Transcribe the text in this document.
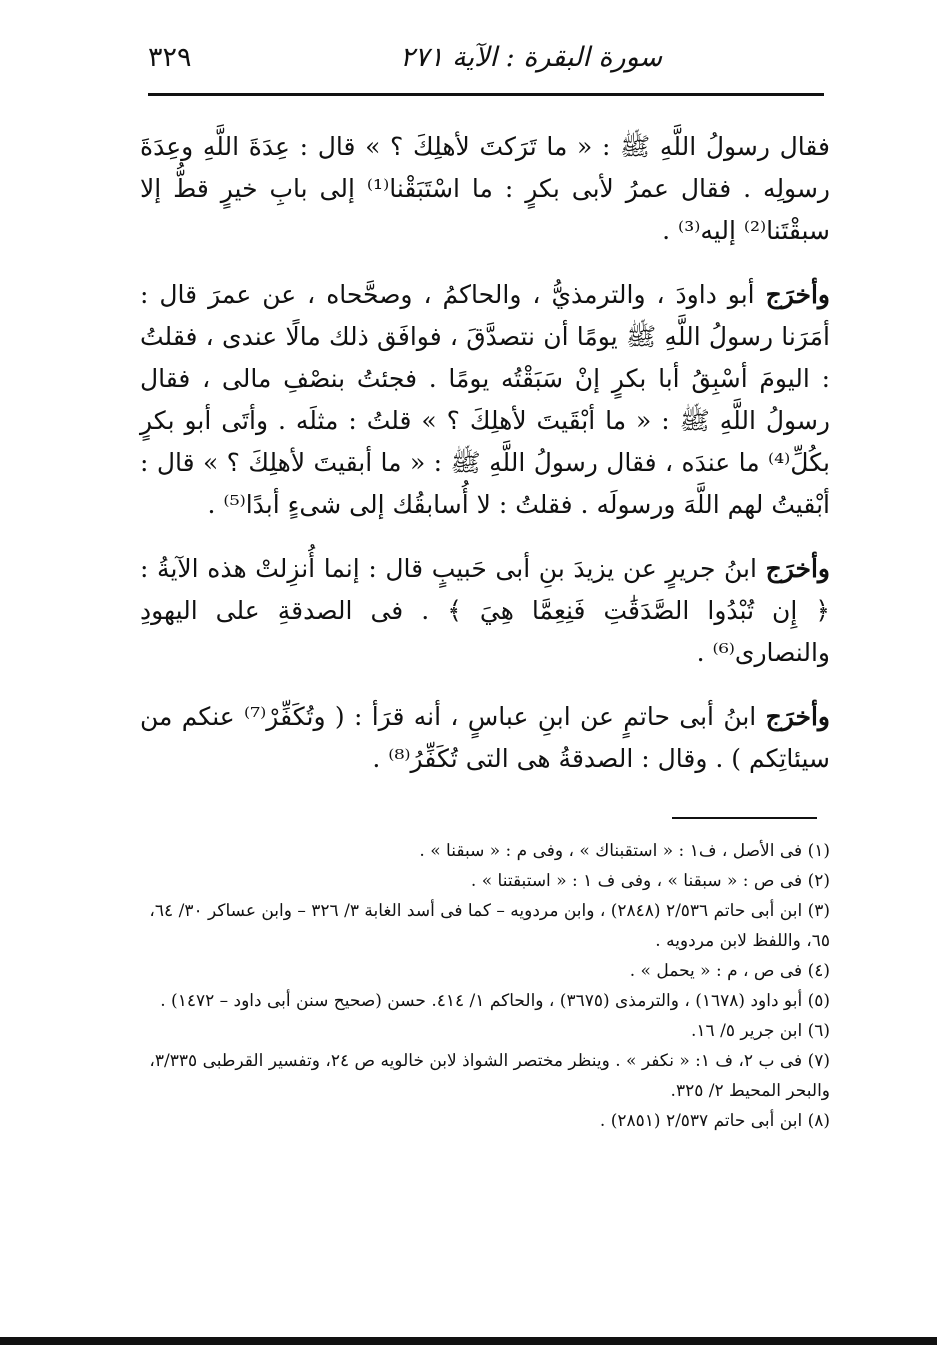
٣٢٩	سورة البقرة : الآية ٢٧١

فقال رسولُ اللَّهِ ﷺ : « ما تَرَكتَ لأهلِكَ ؟ » قال : عِدَةَ اللَّهِ وعِدَةَ رسولِه . فقال عمرُ لأبى بكرٍ : ما اسْتَبَقْنا⁽¹⁾ إلى بابِ خيرٍ قطُّ إلا سبقْتَنا⁽²⁾ إليه⁽³⁾ .

وأخرَج أبو داودَ ، والترمذيُّ ، والحاكمُ ، وصحَّحاه ، عن عمرَ قال : أمَرَنا رسولُ اللَّهِ ﷺ يومًا أن نتصدَّقَ ، فوافَق ذلك مالًا عندى ، فقلتُ : اليومَ أسْبِقُ أبا بكرٍ إنْ سَبَقْتُه يومًا . فجئتُ بنصْفِ مالى ، فقال رسولُ اللَّهِ ﷺ : « ما أبْقَيتَ لأهلِكَ ؟ » قلتُ : مثلَه . وأتَى أبو بكرٍ بكُلِّ⁽⁴⁾ ما عندَه ، فقال رسولُ اللَّهِ ﷺ : « ما أبقيتَ لأهلِكَ ؟ » قال : أبْقيتُ لهم اللَّهَ ورسولَه . فقلتُ : لا أُسابقُك إلى شىءٍ أبدًا⁽⁵⁾ .

وأخرَج ابنُ جريرٍ عن يزيدَ بنِ أبى حَبيبٍ قال : إنما أُنزِلتْ هذه الآيةُ : ﴿ إِن تُبْدُوا الصَّدَقَٰتِ فَنِعِمَّا هِيَ ﴾ . فى الصدقةِ على اليهودِ والنصارى⁽⁶⁾ .

وأخرَج ابنُ أبى حاتمٍ عن ابنِ عباسٍ ، أنه قرَأ : ( وتُكَفِّرْ⁽⁷⁾ عنكم من سيئاتِكم ) . وقال : الصدقةُ هى التى تُكَفِّرُ⁽⁸⁾ .

(١) فى الأصل ، ف١ : « استقبناك » ، وفى م : « سبقنا » .

(٢) فى ص : « سبقنا » ، وفى ف ١ : « استبقتنا » .

(٣) ابن أبى حاتم ٢/٥٣٦ (٢٨٤٨) ، وابن مردويه – كما فى أسد الغابة ٣/ ٣٢٦ – وابن عساكر ٣٠/ ٦٤، ٦٥، واللفظ لابن مردويه .

(٤) فى ص ، م : « يحمل » .

(٥) أبو داود (١٦٧٨) ، والترمذى (٣٦٧٥) ، والحاكم ١/ ٤١٤. حسن (صحيح سنن أبى داود – ١٤٧٢) .

(٦) ابن جرير ٥/ ١٦.

(٧) فى ب ٢، ف ١: « نكفر » . وينظر مختصر الشواذ لابن خالويه ص ٢٤، وتفسير القرطبى ٣/٣٣٥، والبحر المحيط ٢/ ٣٢٥.

(٨) ابن أبى حاتم ٢/٥٣٧ (٢٨٥١) .
